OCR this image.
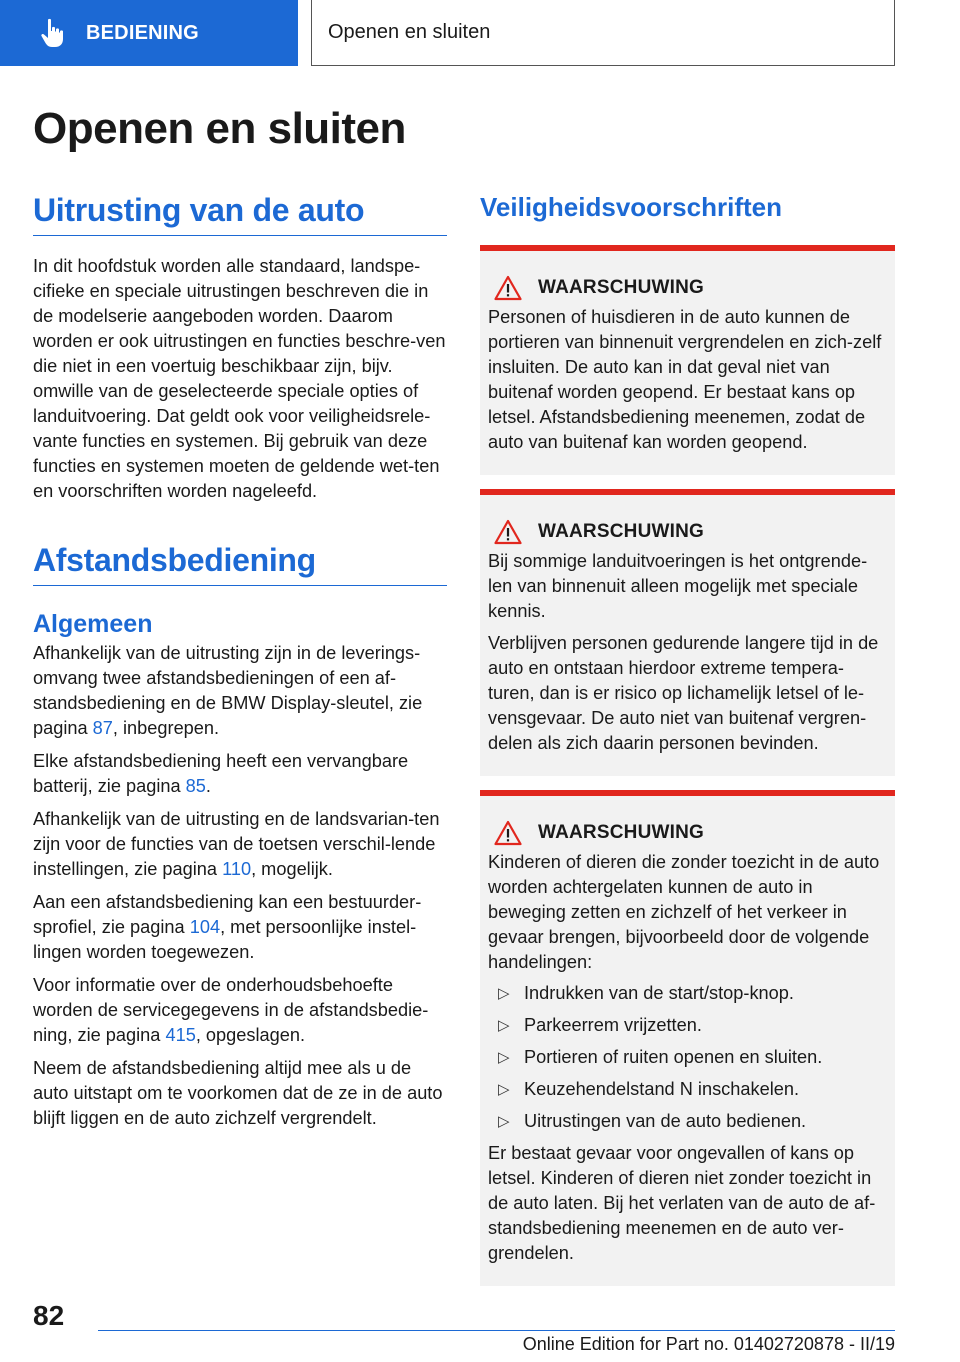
BEDIENING	Openen en sluiten
Openen en sluiten
Uitrusting van de auto

In dit hoofdstuk worden alle standaard, landspe-cifieke en speciale uitrustingen beschreven die in de modelserie aangeboden worden. Daarom worden er ook uitrustingen en functies beschre-ven die niet in een voertuig beschikbaar zijn, bijv. omwille van de geselecteerde speciale opties of landuitvoering. Dat geldt ook voor veiligheidsrele-vante functies en systemen. Bij gebruik van deze functies en systemen moeten de geldende wet-ten en voorschriften worden nageleefd.

Afstandsbediening
Algemeen

Afhankelijk van de uitrusting zijn in de leverings-omvang twee afstandsbedieningen of een af-standsbediening en de BMW Display-sleutel, zie pagina 87, inbegrepen.

Elke afstandsbediening heeft een vervangbare batterij, zie pagina 85.

Afhankelijk van de uitrusting en de landsvarian-ten zijn voor de functies van de toetsen verschil-lende instellingen, zie pagina 110, mogelijk.

Aan een afstandsbediening kan een bestuurder-sprofiel, zie pagina 104, met persoonlijke instel-lingen worden toegewezen.

Voor informatie over de onderhoudsbehoefte worden de servicegegevens in de afstandsbedie-ning, zie pagina 415, opgeslagen.

Neem de afstandsbediening altijd mee als u de auto uitstapt om te voorkomen dat de ze in de auto blijft liggen en de auto zichzelf vergrendelt.

Veiligheidsvoorschriften
WAARSCHUWING

Personen of huisdieren in de auto kunnen de portieren van binnenuit vergrendelen en zich-zelf insluiten. De auto kan in dat geval niet van buitenaf worden geopend. Er bestaat kans op letsel. Afstandsbediening meenemen, zodat de auto van buitenaf kan worden geopend.

WAARSCHUWING

Bij sommige landuitvoeringen is het ontgrende-len van binnenuit alleen mogelijk met speciale kennis.

Verblijven personen gedurende langere tijd in de auto en ontstaan hierdoor extreme tempera-turen, dan is er risico op lichamelijk letsel of le-vensgevaar. De auto niet van buitenaf vergren-delen als zich daarin personen bevinden.

WAARSCHUWING

Kinderen of dieren die zonder toezicht in de auto worden achtergelaten kunnen de auto in beweging zetten en zichzelf of het verkeer in gevaar brengen, bijvoorbeeld door de volgende handelingen:

▷ Indrukken van de start/stop-knop.
▷ Parkeerrem vrijzetten.
▷ Portieren of ruiten openen en sluiten.
▷ Keuzehendelstand N inschakelen.
▷ Uitrustingen van de auto bedienen.

Er bestaat gevaar voor ongevallen of kans op letsel. Kinderen of dieren niet zonder toezicht in de auto laten. Bij het verlaten van de auto de af-standsbediening meenemen en de auto ver-grendelen.

82
Online Edition for Part no. 01402720878 - II/19
